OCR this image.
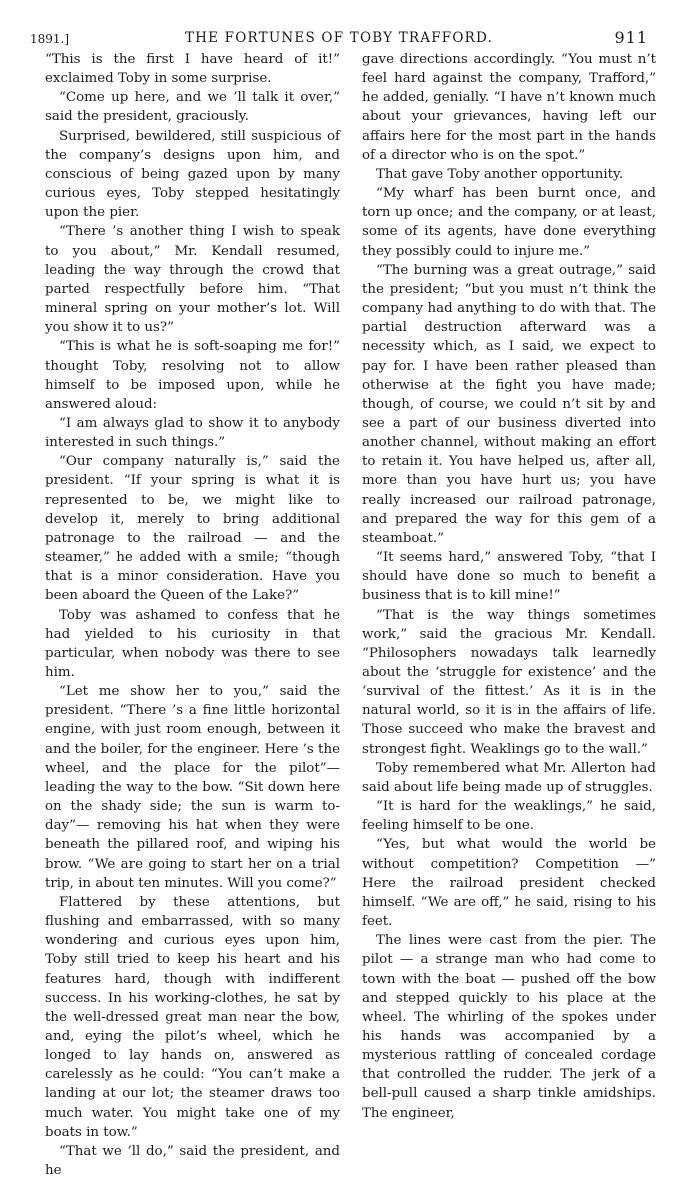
1891.]	THE FORTUNES OF TOBY TRAFFORD.	911

“This is the first I have heard of it!” exclaimed Toby in some surprise.

“Come up here, and we ’ll talk it over,” said the president, graciously.

Surprised, bewildered, still suspicious of the company’s designs upon him, and conscious of being gazed upon by many curious eyes, Toby stepped hesitatingly upon the pier.

“There ’s another thing I wish to speak to you about,” Mr. Kendall resumed, leading the way through the crowd that parted respectfully before him. “That mineral spring on your mother’s lot. Will you show it to us?”

“This is what he is soft-soaping me for!” thought Toby, resolving not to allow himself to be imposed upon, while he answered aloud:

“I am always glad to show it to anybody interested in such things.”

“Our company naturally is,” said the president. “If your spring is what it is represented to be, we might like to develop it, merely to bring additional patronage to the railroad — and the steamer,” he added with a smile; “though that is a minor consideration. Have you been aboard the Queen of the Lake?”

Toby was ashamed to confess that he had yielded to his curiosity in that particular, when nobody was there to see him.

“Let me show her to you,” said the president. “There ’s a fine little horizontal engine, with just room enough, between it and the boiler, for the engineer. Here ’s the wheel, and the place for the pilot”— leading the way to the bow. “Sit down here on the shady side; the sun is warm to-day”— removing his hat when they were beneath the pillared roof, and wiping his brow. “We are going to start her on a trial trip, in about ten minutes. Will you come?”

Flattered by these attentions, but flushing and embarrassed, with so many wondering and curious eyes upon him, Toby still tried to keep his heart and his features hard, though with indifferent success. In his working-clothes, he sat by the well-dressed great man near the bow, and, eying the pilot’s wheel, which he longed to lay hands on, answered as carelessly as he could: “You can’t make a landing at our lot; the steamer draws too much water. You might take one of my boats in tow.”

“That we ’ll do,” said the president, and he

gave directions accordingly. “You must n’t feel hard against the company, Trafford,” he added, genially. “I have n’t known much about your grievances, having left our affairs here for the most part in the hands of a director who is on the spot.”

That gave Toby another opportunity.

“My wharf has been burnt once, and torn up once; and the company, or at least, some of its agents, have done everything they possibly could to injure me.”

“The burning was a great outrage,” said the president; “but you must n’t think the company had anything to do with that. The partial destruction afterward was a necessity which, as I said, we expect to pay for. I have been rather pleased than otherwise at the fight you have made; though, of course, we could n’t sit by and see a part of our business diverted into another channel, without making an effort to retain it. You have helped us, after all, more than you have hurt us; you have really increased our railroad patronage, and prepared the way for this gem of a steamboat.”

“It seems hard,” answered Toby, “that I should have done so much to benefit a business that is to kill mine!”

“That is the way things sometimes work,” said the gracious Mr. Kendall. “Philosophers nowadays talk learnedly about the ‘struggle for existence’ and the ‘survival of the fittest.’ As it is in the natural world, so it is in the affairs of life. Those succeed who make the bravest and strongest fight. Weaklings go to the wall.”

Toby remembered what Mr. Allerton had said about life being made up of struggles.

“It is hard for the weaklings,” he said, feeling himself to be one.

“Yes, but what would the world be without competition? Competition —” Here the railroad president checked himself. “We are off,” he said, rising to his feet.

The lines were cast from the pier. The pilot — a strange man who had come to town with the boat — pushed off the bow and stepped quickly to his place at the wheel. The whirling of the spokes under his hands was accompanied by a mysterious rattling of concealed cordage that controlled the rudder. The jerk of a bell-pull caused a sharp tinkle amidships. The engineer,
